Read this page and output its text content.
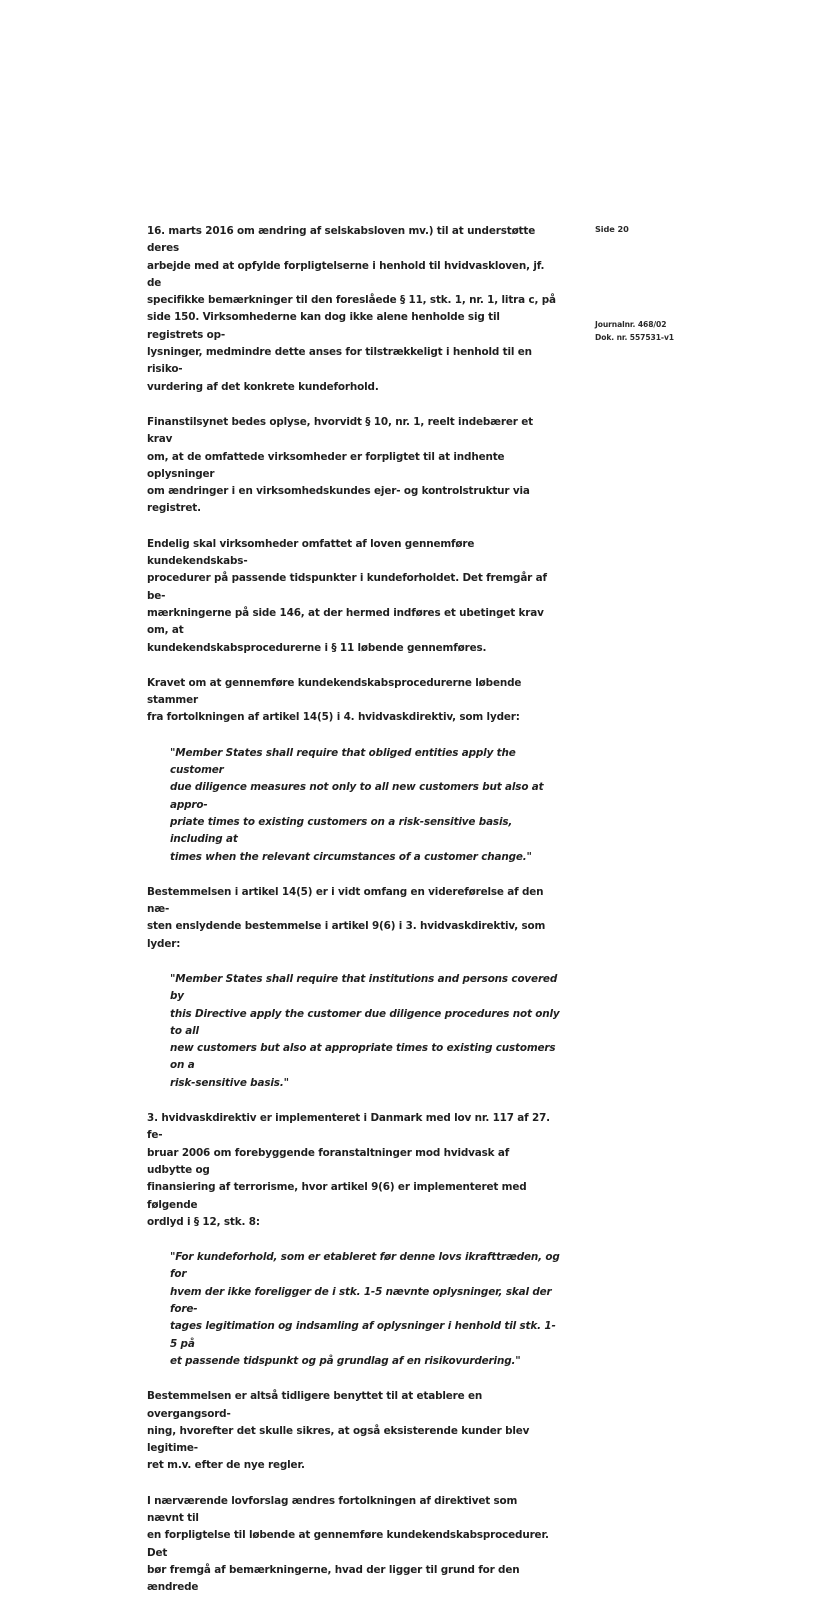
Side 20
Journalnr. 468/02
Dok. nr. 557531-v1

16. marts 2016 om ændring af selskabsloven mv.) til at understøtte deres
arbejde med at opfylde forpligtelserne i henhold til hvidvaskloven, jf. de
specifikke bemærkninger til den foreslåede § 11, stk. 1, nr. 1, litra c, på
side 150. Virksomhederne kan dog ikke alene henholde sig til registrets op-
lysninger, medmindre dette anses for tilstrækkeligt i henhold til en risiko-
vurdering af det konkrete kundeforhold.

Finanstilsynet bedes oplyse, hvorvidt § 10, nr. 1, reelt indebærer et krav
om, at de omfattede virksomheder er forpligtet til at indhente oplysninger
om ændringer i en virksomhedskundes ejer- og kontrolstruktur via registret.

Endelig skal virksomheder omfattet af loven gennemføre kundekendskabs-
procedurer på passende tidspunkter i kundeforholdet. Det fremgår af be-
mærkningerne på side 146, at der hermed indføres et ubetinget krav om, at
kundekendskabsprocedurerne i § 11 løbende gennemføres.

Kravet om at gennemføre kundekendskabsprocedurerne løbende stammer
fra fortolkningen af artikel 14(5) i 4. hvidvaskdirektiv, som lyder:

"Member States shall require that obliged entities apply the customer
due diligence measures not only to all new customers but also at appro-
priate times to existing customers on a risk-sensitive basis, including at
times when the relevant circumstances of a customer change."

Bestemmelsen i artikel 14(5) er i vidt omfang en videreførelse af den næ-
sten enslydende bestemmelse i artikel 9(6) i 3. hvidvaskdirektiv, som lyder:

"Member States shall require that institutions and persons covered by
this Directive apply the customer due diligence procedures not only to all
new customers but also at appropriate times to existing customers on a
risk-sensitive basis."

3. hvidvaskdirektiv er implementeret i Danmark med lov nr. 117 af 27. fe-
bruar 2006 om forebyggende foranstaltninger mod hvidvask af udbytte og
finansiering af terrorisme, hvor artikel 9(6) er implementeret med følgende
ordlyd i § 12, stk. 8:

"For kundeforhold, som er etableret før denne lovs ikrafttræden, og for
hvem der ikke foreligger de i stk. 1-5 nævnte oplysninger, skal der fore-
tages legitimation og indsamling af oplysninger i henhold til stk. 1-5 på
et passende tidspunkt og på grundlag af en risikovurdering."

Bestemmelsen er altså tidligere benyttet til at etablere en overgangsord-
ning, hvorefter det skulle sikres, at også eksisterende kunder blev legitime-
ret m.v. efter de nye regler.

I nærværende lovforslag ændres fortolkningen af direktivet som nævnt til
en forpligtelse til løbende at gennemføre kundekendskabsprocedurer. Det
bør fremgå af bemærkningerne, hvad der ligger til grund for den ændrede
